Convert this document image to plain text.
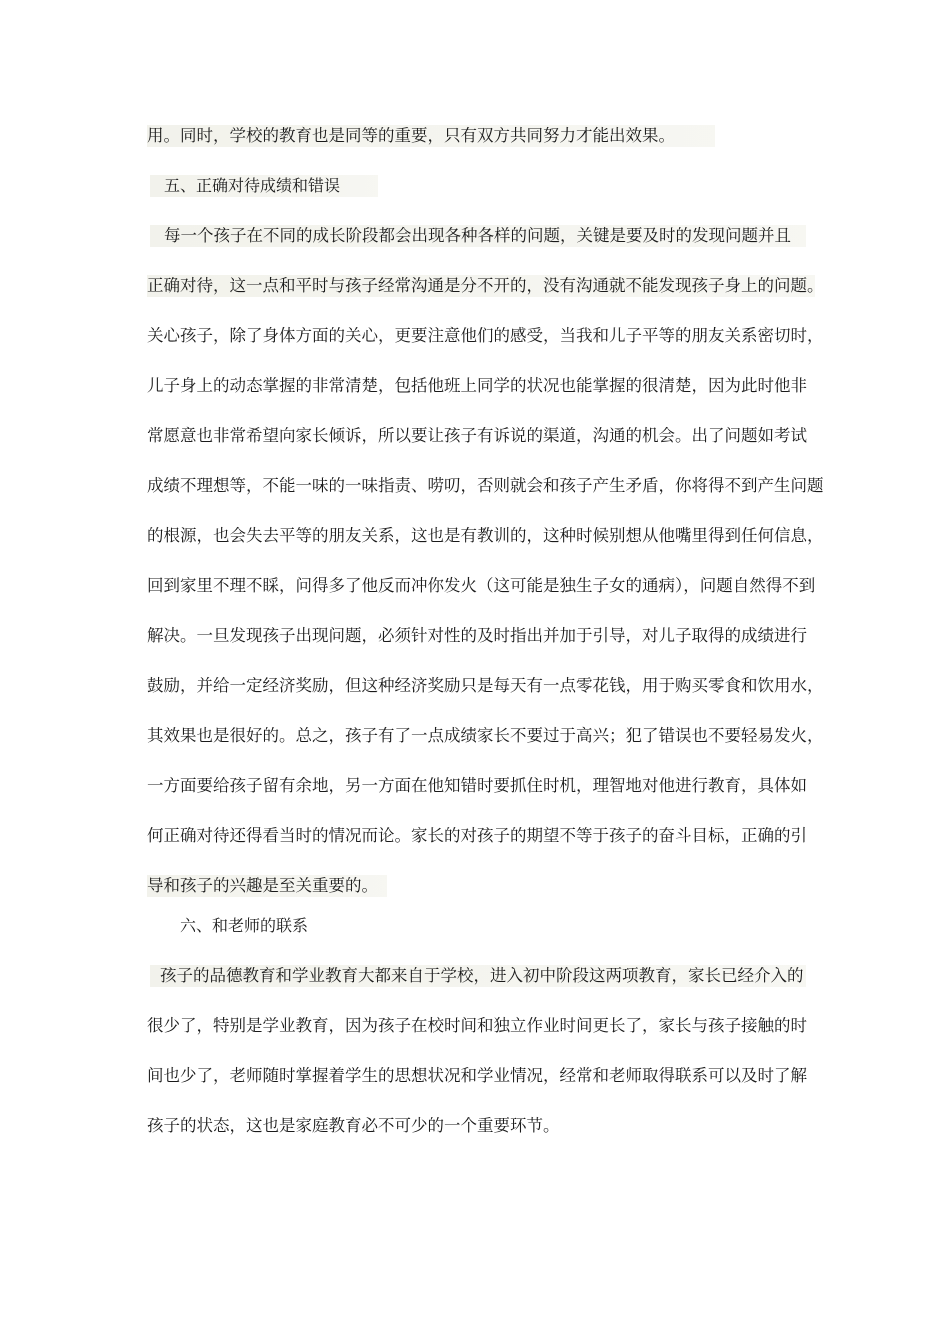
用。同时，学校的教育也是同等的重要，只有双方共同努力才能出效果。
五、正确对待成绩和错误
每一个孩子在不同的成长阶段都会出现各种各样的问题，关键是要及时的发现问题并且
正确对待，这一点和平时与孩子经常沟通是分不开的，没有沟通就不能发现孩子身上的问题。
关心孩子，除了身体方面的关心，更要注意他们的感受，当我和儿子平等的朋友关系密切时，
儿子身上的动态掌握的非常清楚，包括他班上同学的状况也能掌握的很清楚，因为此时他非
常愿意也非常希望向家长倾诉，所以要让孩子有诉说的渠道，沟通的机会。出了问题如考试
成绩不理想等，不能一味的一味指责、唠叨，否则就会和孩子产生矛盾，你将得不到产生问题
的根源，也会失去平等的朋友关系，这也是有教训的，这种时候别想从他嘴里得到任何信息，
回到家里不理不睬，问得多了他反而冲你发火（这可能是独生子女的通病），问题自然得不到
解决。一旦发现孩子出现问题，必须针对性的及时指出并加于引导，对儿子取得的成绩进行
鼓励，并给一定经济奖励，但这种经济奖励只是每天有一点零花钱，用于购买零食和饮用水，
其效果也是很好的。总之，孩子有了一点成绩家长不要过于高兴；犯了错误也不要轻易发火，
一方面要给孩子留有余地，另一方面在他知错时要抓住时机，理智地对他进行教育，具体如
何正确对待还得看当时的情况而论。家长的对孩子的期望不等于孩子的奋斗目标，正确的引
导和孩子的兴趣是至关重要的。
六、和老师的联系
孩子的品德教育和学业教育大都来自于学校，进入初中阶段这两项教育，家长已经介入的
很少了，特别是学业教育，因为孩子在校时间和独立作业时间更长了，家长与孩子接触的时
间也少了，老师随时掌握着学生的思想状况和学业情况，经常和老师取得联系可以及时了解
孩子的状态，这也是家庭教育必不可少的一个重要环节。
